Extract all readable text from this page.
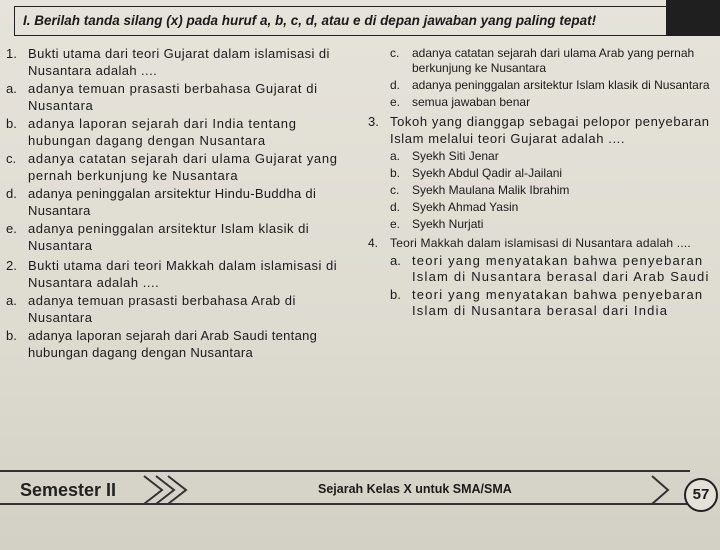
I. Berilah tanda silang (x) pada huruf a, b, c, d, atau e di depan jawaban yang paling tepat!
1. Bukti utama dari teori Gujarat dalam islamisasi di Nusantara adalah ....
a. adanya temuan prasasti berbahasa Gujarat di Nusantara
b. adanya laporan sejarah dari India tentang hubungan dagang dengan Nusantara
c. adanya catatan sejarah dari ulama Gujarat yang pernah berkunjung ke Nusantara
d. adanya peninggalan arsitektur Hindu-Buddha di Nusantara
e. adanya peninggalan arsitektur Islam klasik di Nusantara
2. Bukti utama dari teori Makkah dalam islamisasi di Nusantara adalah ....
a. adanya temuan prasasti berbahasa Arab di Nusantara
b. adanya laporan sejarah dari Arab Saudi tentang hubungan dagang dengan Nusantara
c.	adanya catatan sejarah dari ulama Arab yang pernah berkunjung ke Nusantara
d. adanya peninggalan arsitektur Islam klasik di Nusantara
e. semua jawaban benar
3. Tokoh yang dianggap sebagai pelopor penyebaran Islam melalui teori Gujarat adalah ....
a. Syekh Siti Jenar
b. Syekh Abdul Qadir al-Jailani
c.	Syekh Maulana Malik Ibrahim
d. Syekh Ahmad Yasin
e. Syekh Nurjati
4. Teori Makkah dalam islamisasi di Nusantara adalah ....
a. teori yang menyatakan bahwa penyebaran Islam di Nusantara berasal dari Arab Saudi
b. teori yang menyatakan bahwa penyebaran Islam di Nusantara berasal dari India
Semester II	Sejarah Kelas X untuk SMA/SMA	57
